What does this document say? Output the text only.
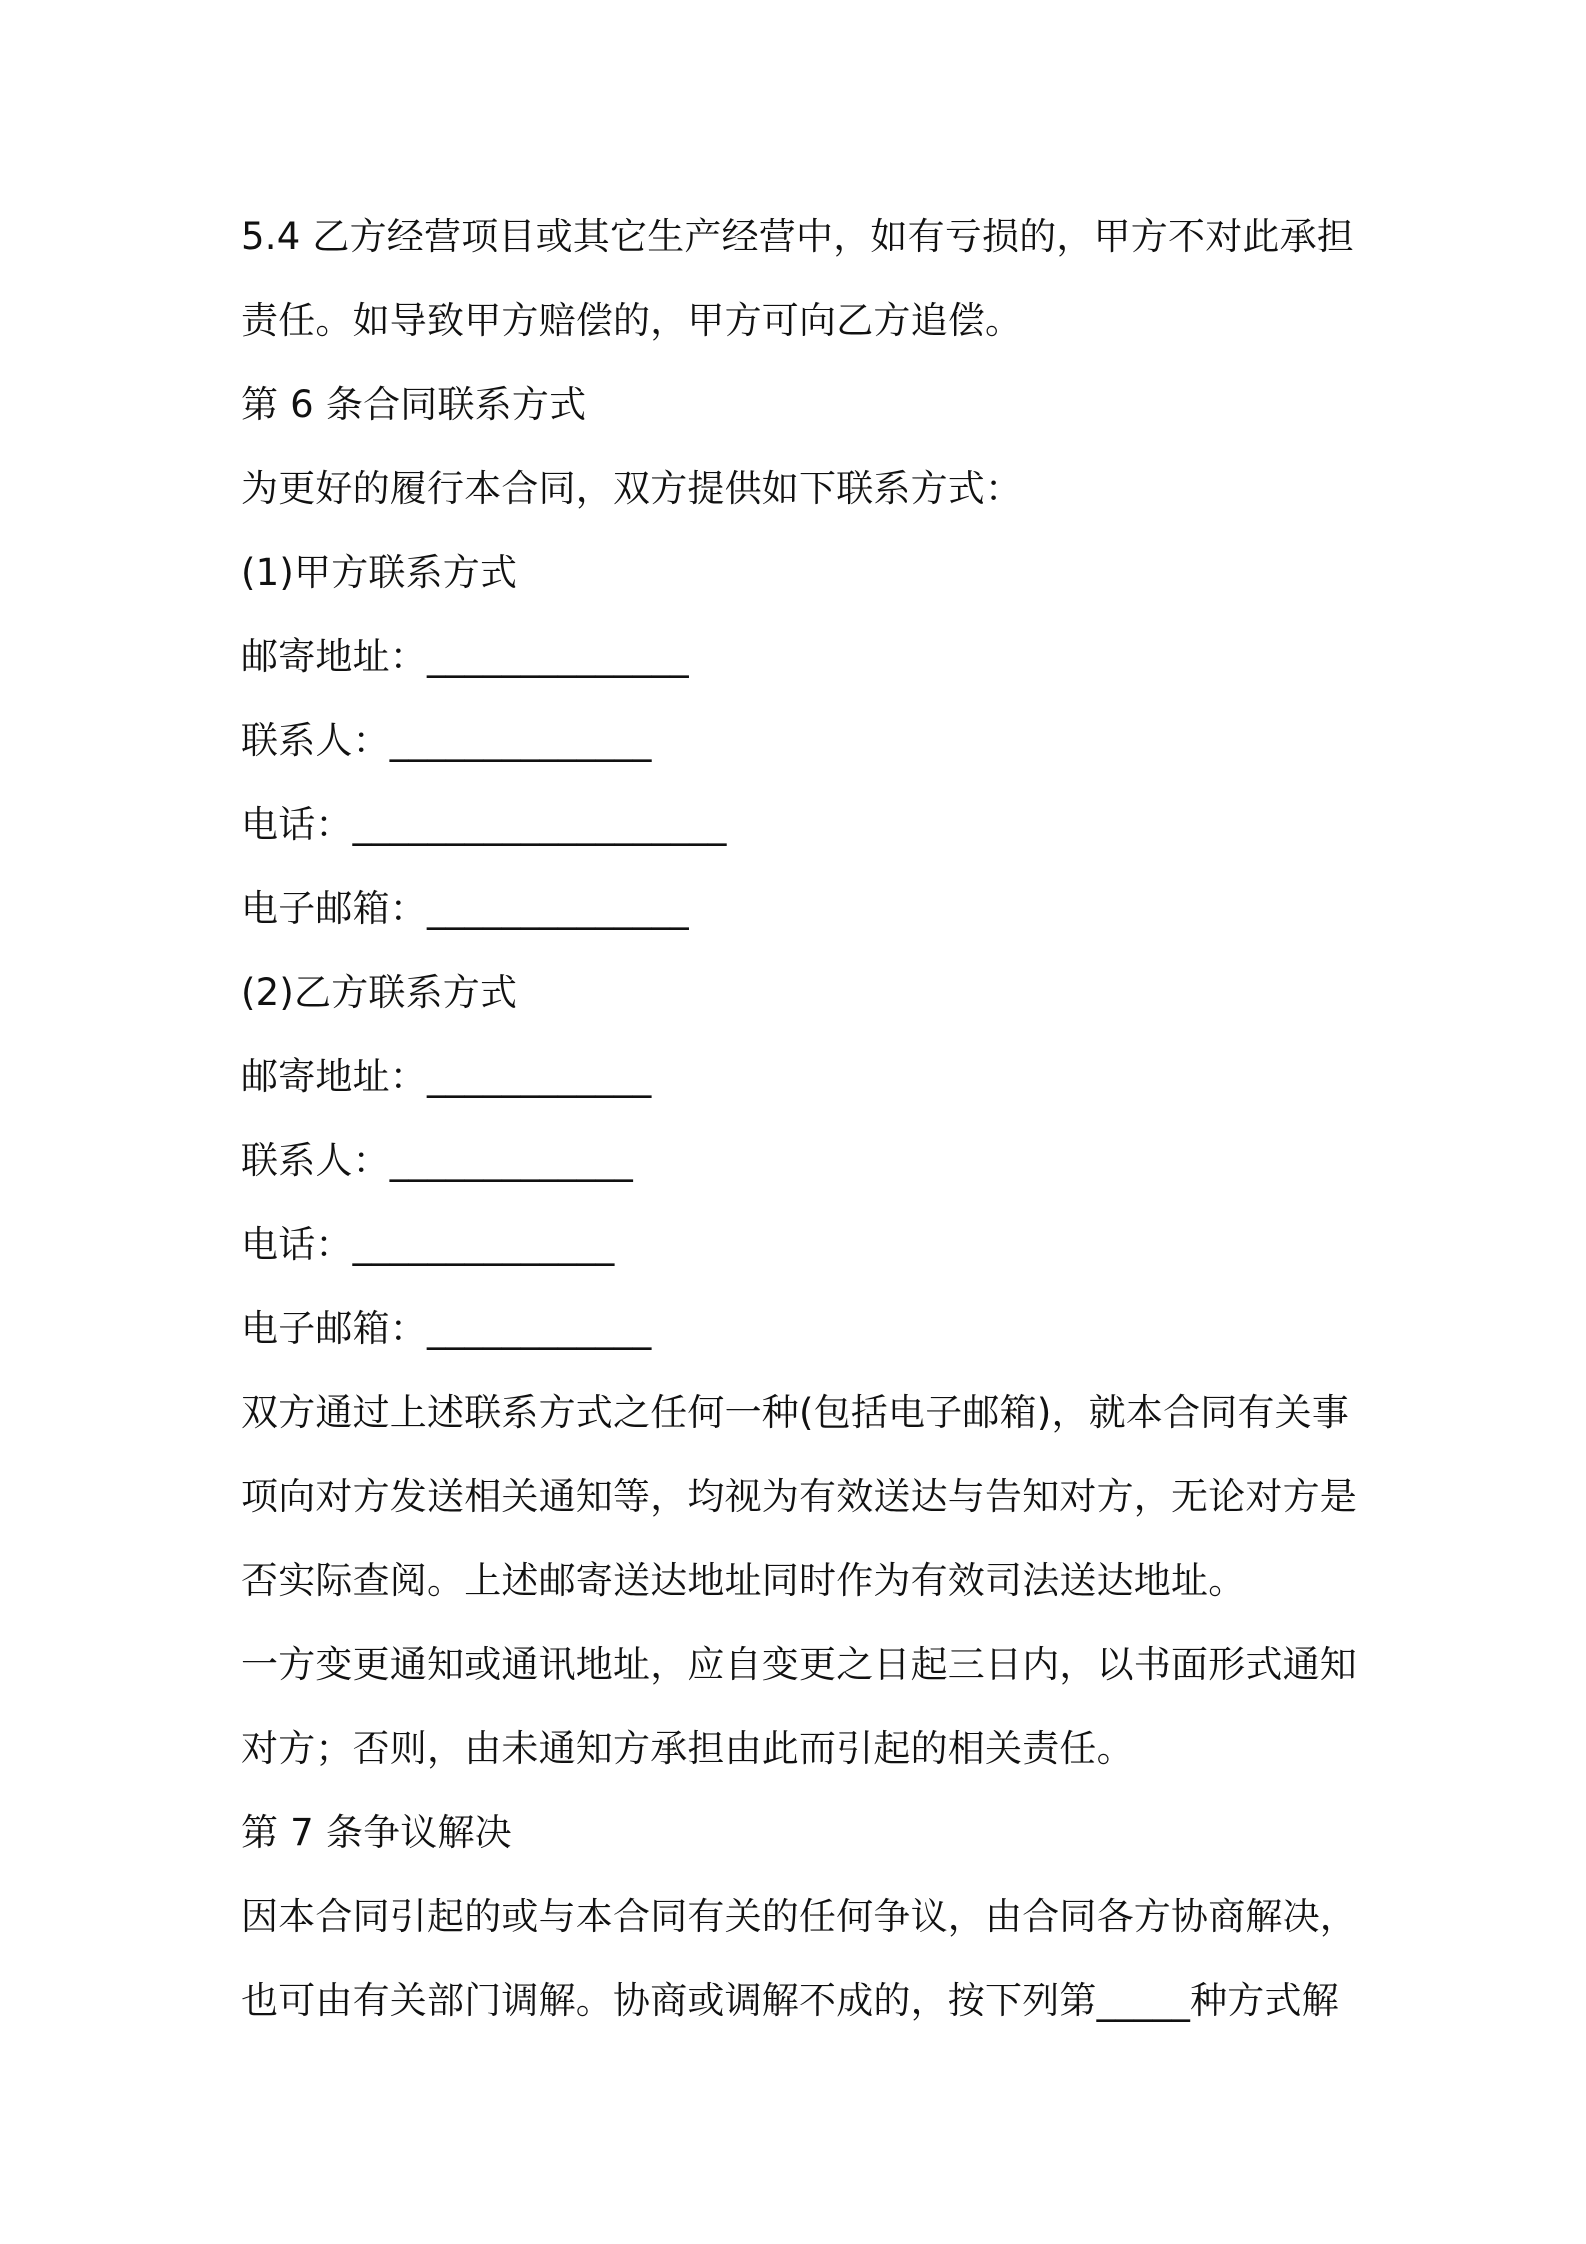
5.4 乙方经营项目或其它生产经营中，如有亏损的，甲方不对此承担
责任。如导致甲方赔偿的，甲方可向乙方追偿。
第 6 条合同联系方式
为更好的履行本合同，双方提供如下联系方式：
(1)甲方联系方式
邮寄地址：______________
联系人：______________
电话：____________________
电子邮箱：______________
(2)乙方联系方式
邮寄地址：____________
联系人：_____________
电话：______________
电子邮箱：____________
双方通过上述联系方式之任何一种(包括电子邮箱)，就本合同有关事
项向对方发送相关通知等，均视为有效送达与告知对方，无论对方是
否实际查阅。上述邮寄送达地址同时作为有效司法送达地址。
一方变更通知或通讯地址，应自变更之日起三日内，以书面形式通知
对方；否则，由未通知方承担由此而引起的相关责任。
第 7 条争议解决
因本合同引起的或与本合同有关的任何争议，由合同各方协商解决，
也可由有关部门调解。协商或调解不成的，按下列第_____种方式解
